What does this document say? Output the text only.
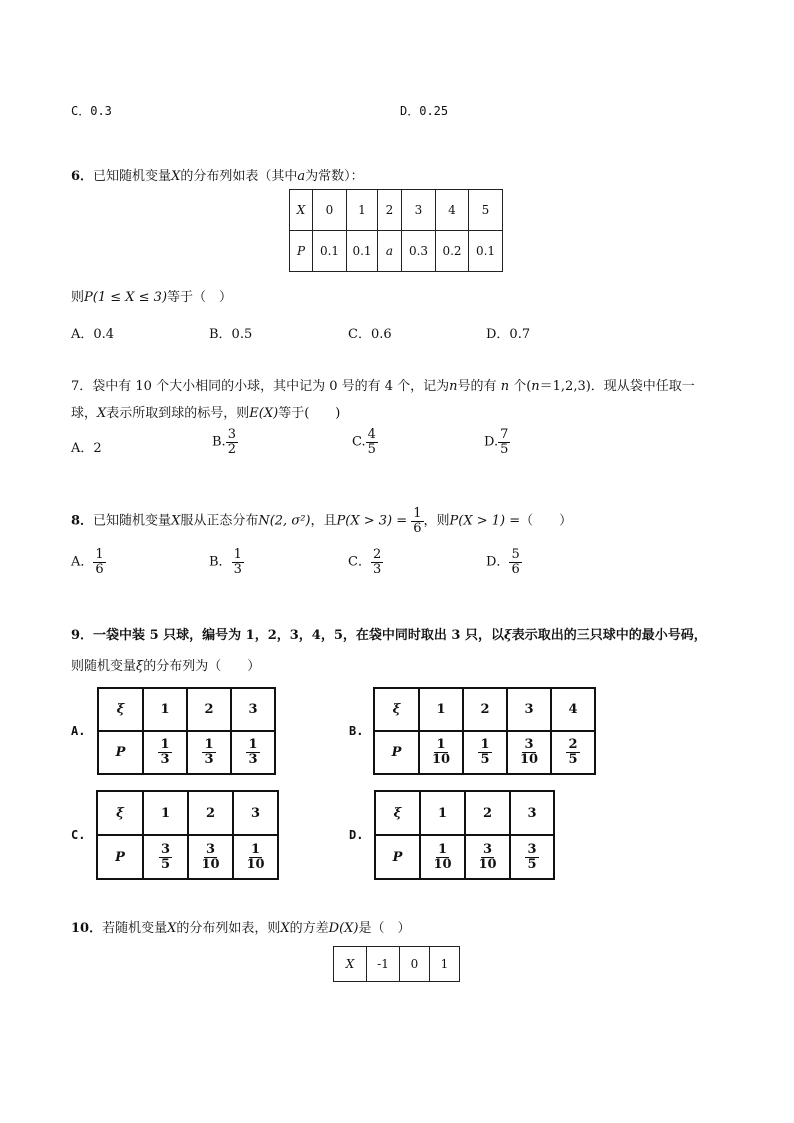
C．0.3	D．0.25
6．已知随机变量X的分布列如表（其中a为常数）：
X	0	1	2	3	4	5
P	0.1	0.1	a	0.3	0.2	0.1
则P(1 ≤ X ≤ 3)等于（　）
A．0.4	B．0.5	C．0.6	D．0.7
7．袋中有 10 个大小相同的小球，其中记为 0 号的有 4 个，记为n号的有 n 个(n＝1,2,3)．现从袋中任取一
球，X表示所取到球的标号，则E(X)等于(　　)
A．2	B. $\frac{3}{2}$	C. $\frac{4}{5}$	D. $\frac{7}{5}$
8．已知随机变量X服从正态分布N(2, σ²)，且$P(X > 3) = \frac{1}{6}$ ，则P(X > 1) =（　　）
A． $\frac{1}{6}$	B． $\frac{1}{3}$	C． $\frac{2}{3}$	D． $\frac{5}{6}$
9．一袋中装 5 只球，编号为 1，2，3，4，5，在袋中同时取出 3 只，以ξ表示取出的三只球中的最小号码，
则随机变量ξ的分布列为（　　）
A.
ξ	1	2	3
P	$\frac{1}{3}$	$\frac{1}{3}$	$\frac{1}{3}$
B.
ξ	1	2	3	4
P	$\frac{1}{10}$	$\frac{1}{5}$	$\frac{3}{10}$	$\frac{2}{5}$
C.
ξ	1	2	3
P	$\frac{3}{5}$	$\frac{3}{10}$	$\frac{1}{10}$
D.
ξ	1	2	3
P	$\frac{1}{10}$	$\frac{3}{10}$	$\frac{3}{5}$
10．若随机变量X的分布列如表，则X的方差D(X)是（　）
X	-1	0	1
